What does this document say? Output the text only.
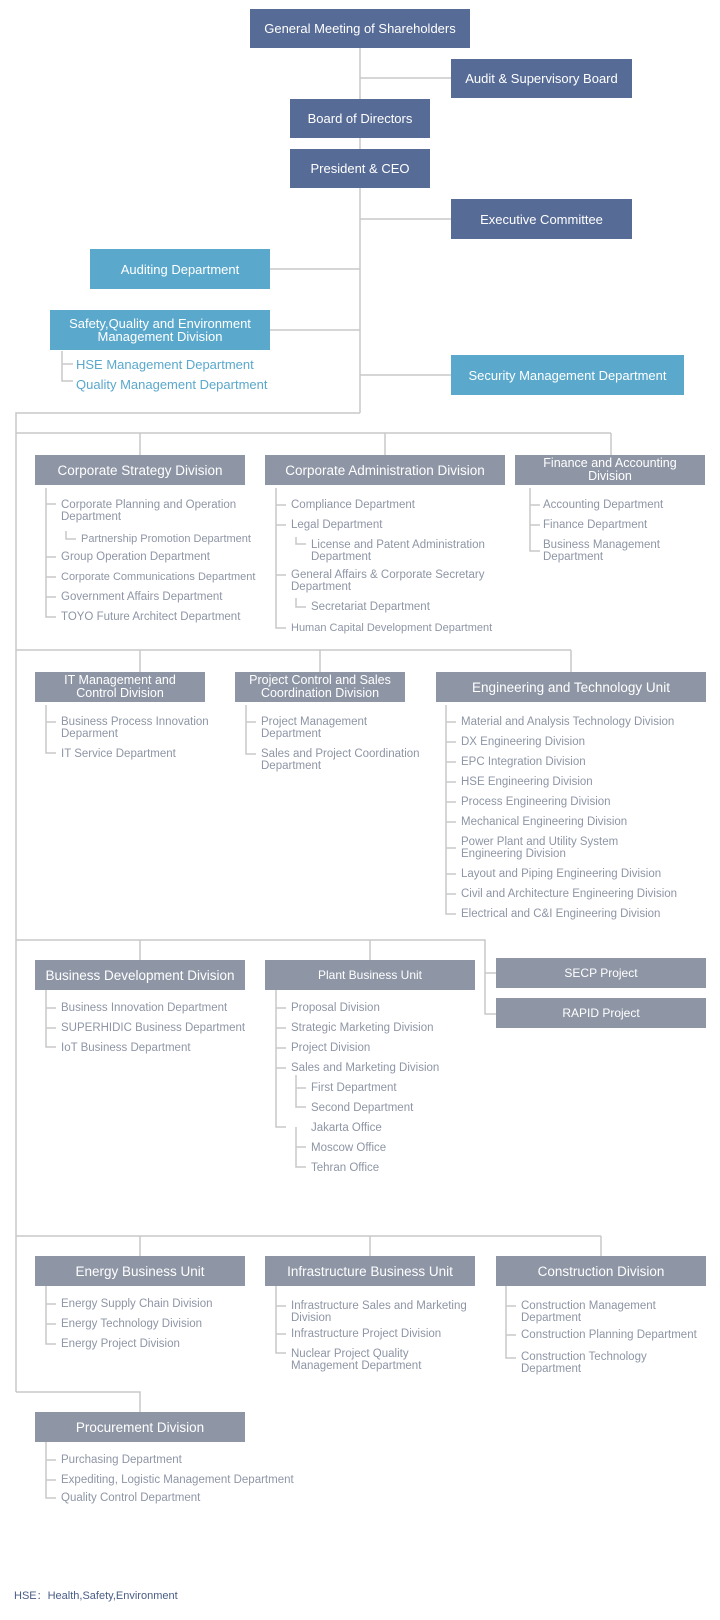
General Meeting of Shareholders
Audit & Supervisory Board
Board of Directors
President & CEO
Executive Committee
Auditing Department
Safety,Quality and Environment
Management Division
HSE Management Department
Quality Management Department
Security Management Department
Corporate Strategy Division
Corporate Planning and Operation
Department
Partnership Promotion Department
Group Operation Department
Corporate Communications Department
Government Affairs Department
TOYO Future Architect Department
Corporate Administration Division
Compliance Department
Legal Department
License and Patent Administration
Department
General Affairs & Corporate Secretary
Department
Secretariat Department
Human Capital Development Department
Finance and Accounting
Division
Accounting Department
Finance Department
Business Management
Department
IT Management and
Control Division
Business Process Innovation
Deparment
IT Service Department
Project Control and Sales
Coordination Division
Project Management
Department
Sales and Project Coordination
Department
Engineering and Technology Unit
Material and Analysis Technology Division
DX Engineering Division
EPC Integration Division
HSE Engineering Division
Process Engineering Division
Mechanical Engineering Division
Power Plant and Utility System
Engineering Division
Layout and Piping Engineering Division
Civil and Architecture Engineering Division
Electrical and C&I Engineering Division
Business Development Division
Business Innovation Department
SUPERHIDIC Business Department
IoT Business Department
Plant Business Unit
Proposal Division
Strategic Marketing Division
Project Division
Sales and Marketing Division
First Department
Second Department
Jakarta Office
Moscow Office
Tehran Office
SECP Project
RAPID Project
Energy Business Unit
Energy Supply Chain Division
Energy Technology Division
Energy Project Division
Infrastructure Business Unit
Infrastructure Sales and Marketing
Division
Infrastructure Project Division
Nuclear Project Quality
Management Department
Construction Division
Construction Management
Department
Construction Planning Department
Construction Technology
Department
Procurement Division
Purchasing Department
Expediting, Logistic Management Department
Quality Control Department
HSE：Health,Safety,Environment
